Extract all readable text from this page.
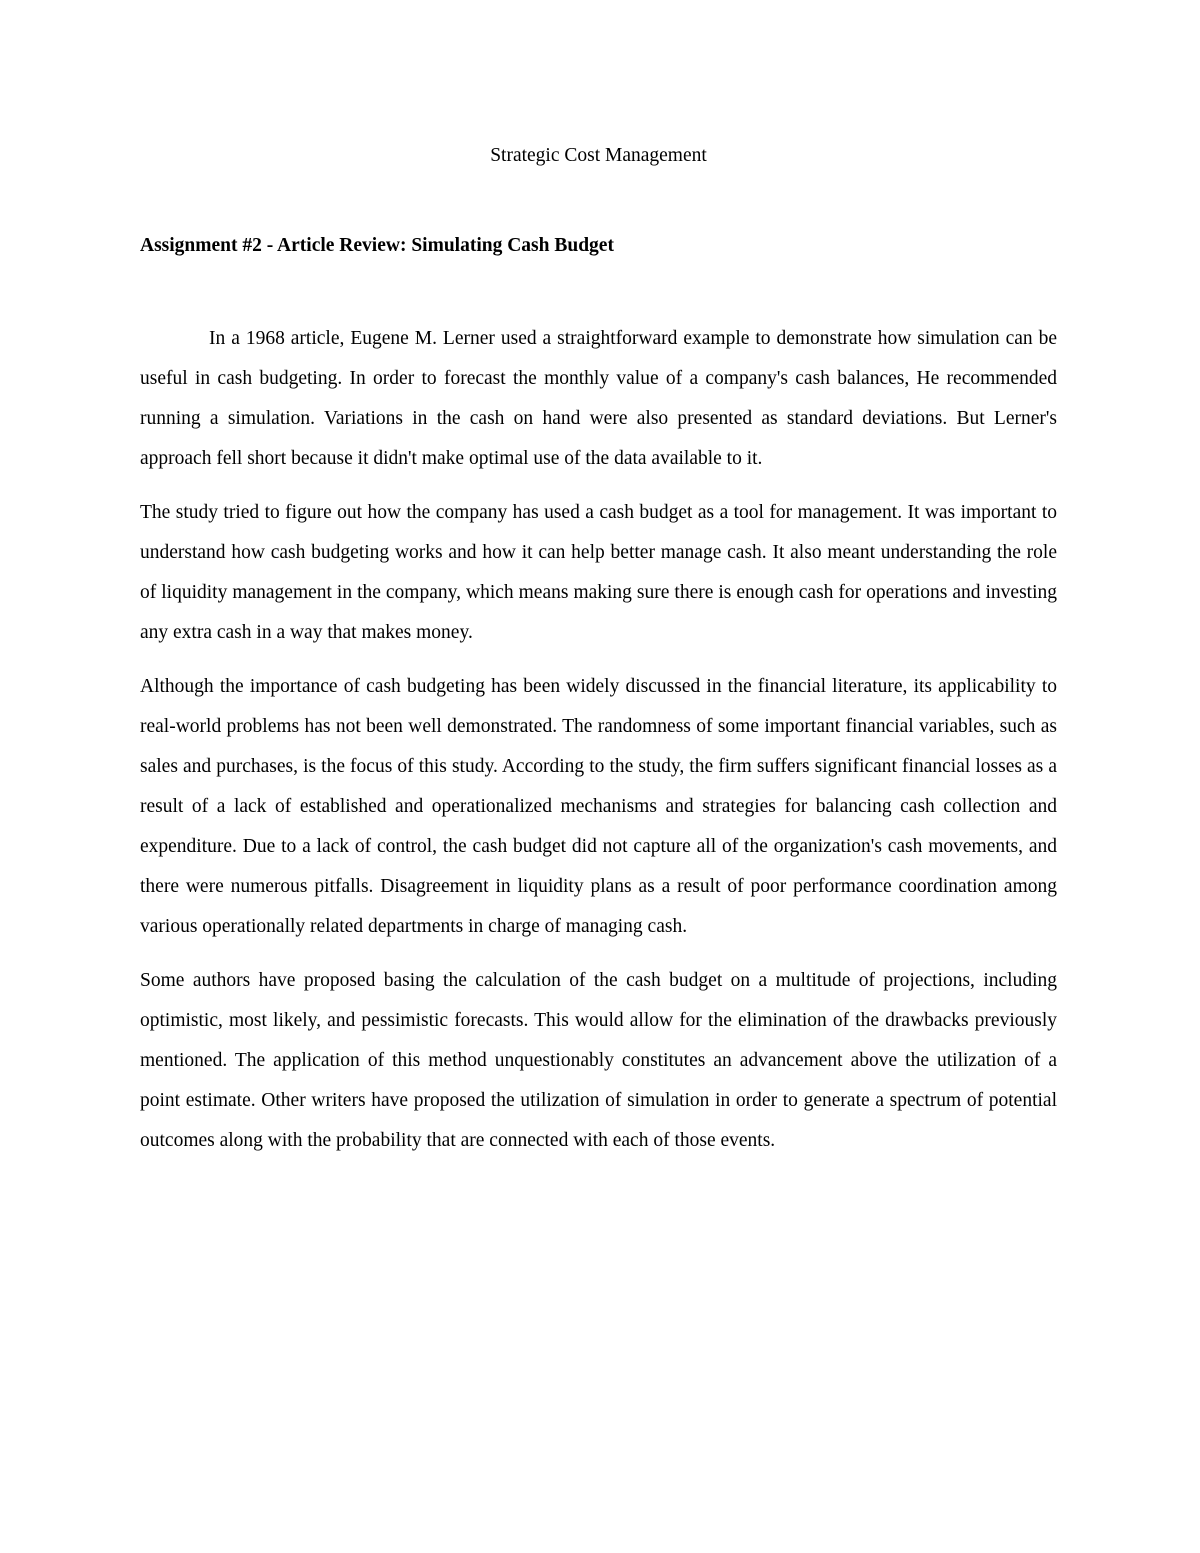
Strategic Cost Management
Assignment #2 - Article Review: Simulating Cash Budget

In a 1968 article, Eugene M. Lerner used a straightforward example to demonstrate how simulation can be useful in cash budgeting. In order to forecast the monthly value of a company's cash balances, He recommended running a simulation. Variations in the cash on hand were also presented as standard deviations. But Lerner's approach fell short because it didn't make optimal use of the data available to it.

The study tried to figure out how the company has used a cash budget as a tool for management. It was important to understand how cash budgeting works and how it can help better manage cash. It also meant understanding the role of liquidity management in the company, which means making sure there is enough cash for operations and investing any extra cash in a way that makes money.

Although the importance of cash budgeting has been widely discussed in the financial literature, its applicability to real-world problems has not been well demonstrated. The randomness of some important financial variables, such as sales and purchases, is the focus of this study. According to the study, the firm suffers significant financial losses as a result of a lack of established and operationalized mechanisms and strategies for balancing cash collection and expenditure. Due to a lack of control, the cash budget did not capture all of the organization's cash movements, and there were numerous pitfalls. Disagreement in liquidity plans as a result of poor performance coordination among various operationally related departments in charge of managing cash.

Some authors have proposed basing the calculation of the cash budget on a multitude of projections, including optimistic, most likely, and pessimistic forecasts. This would allow for the elimination of the drawbacks previously mentioned. The application of this method unquestionably constitutes an advancement above the utilization of a point estimate. Other writers have proposed the utilization of simulation in order to generate a spectrum of potential outcomes along with the probability that are connected with each of those events.
